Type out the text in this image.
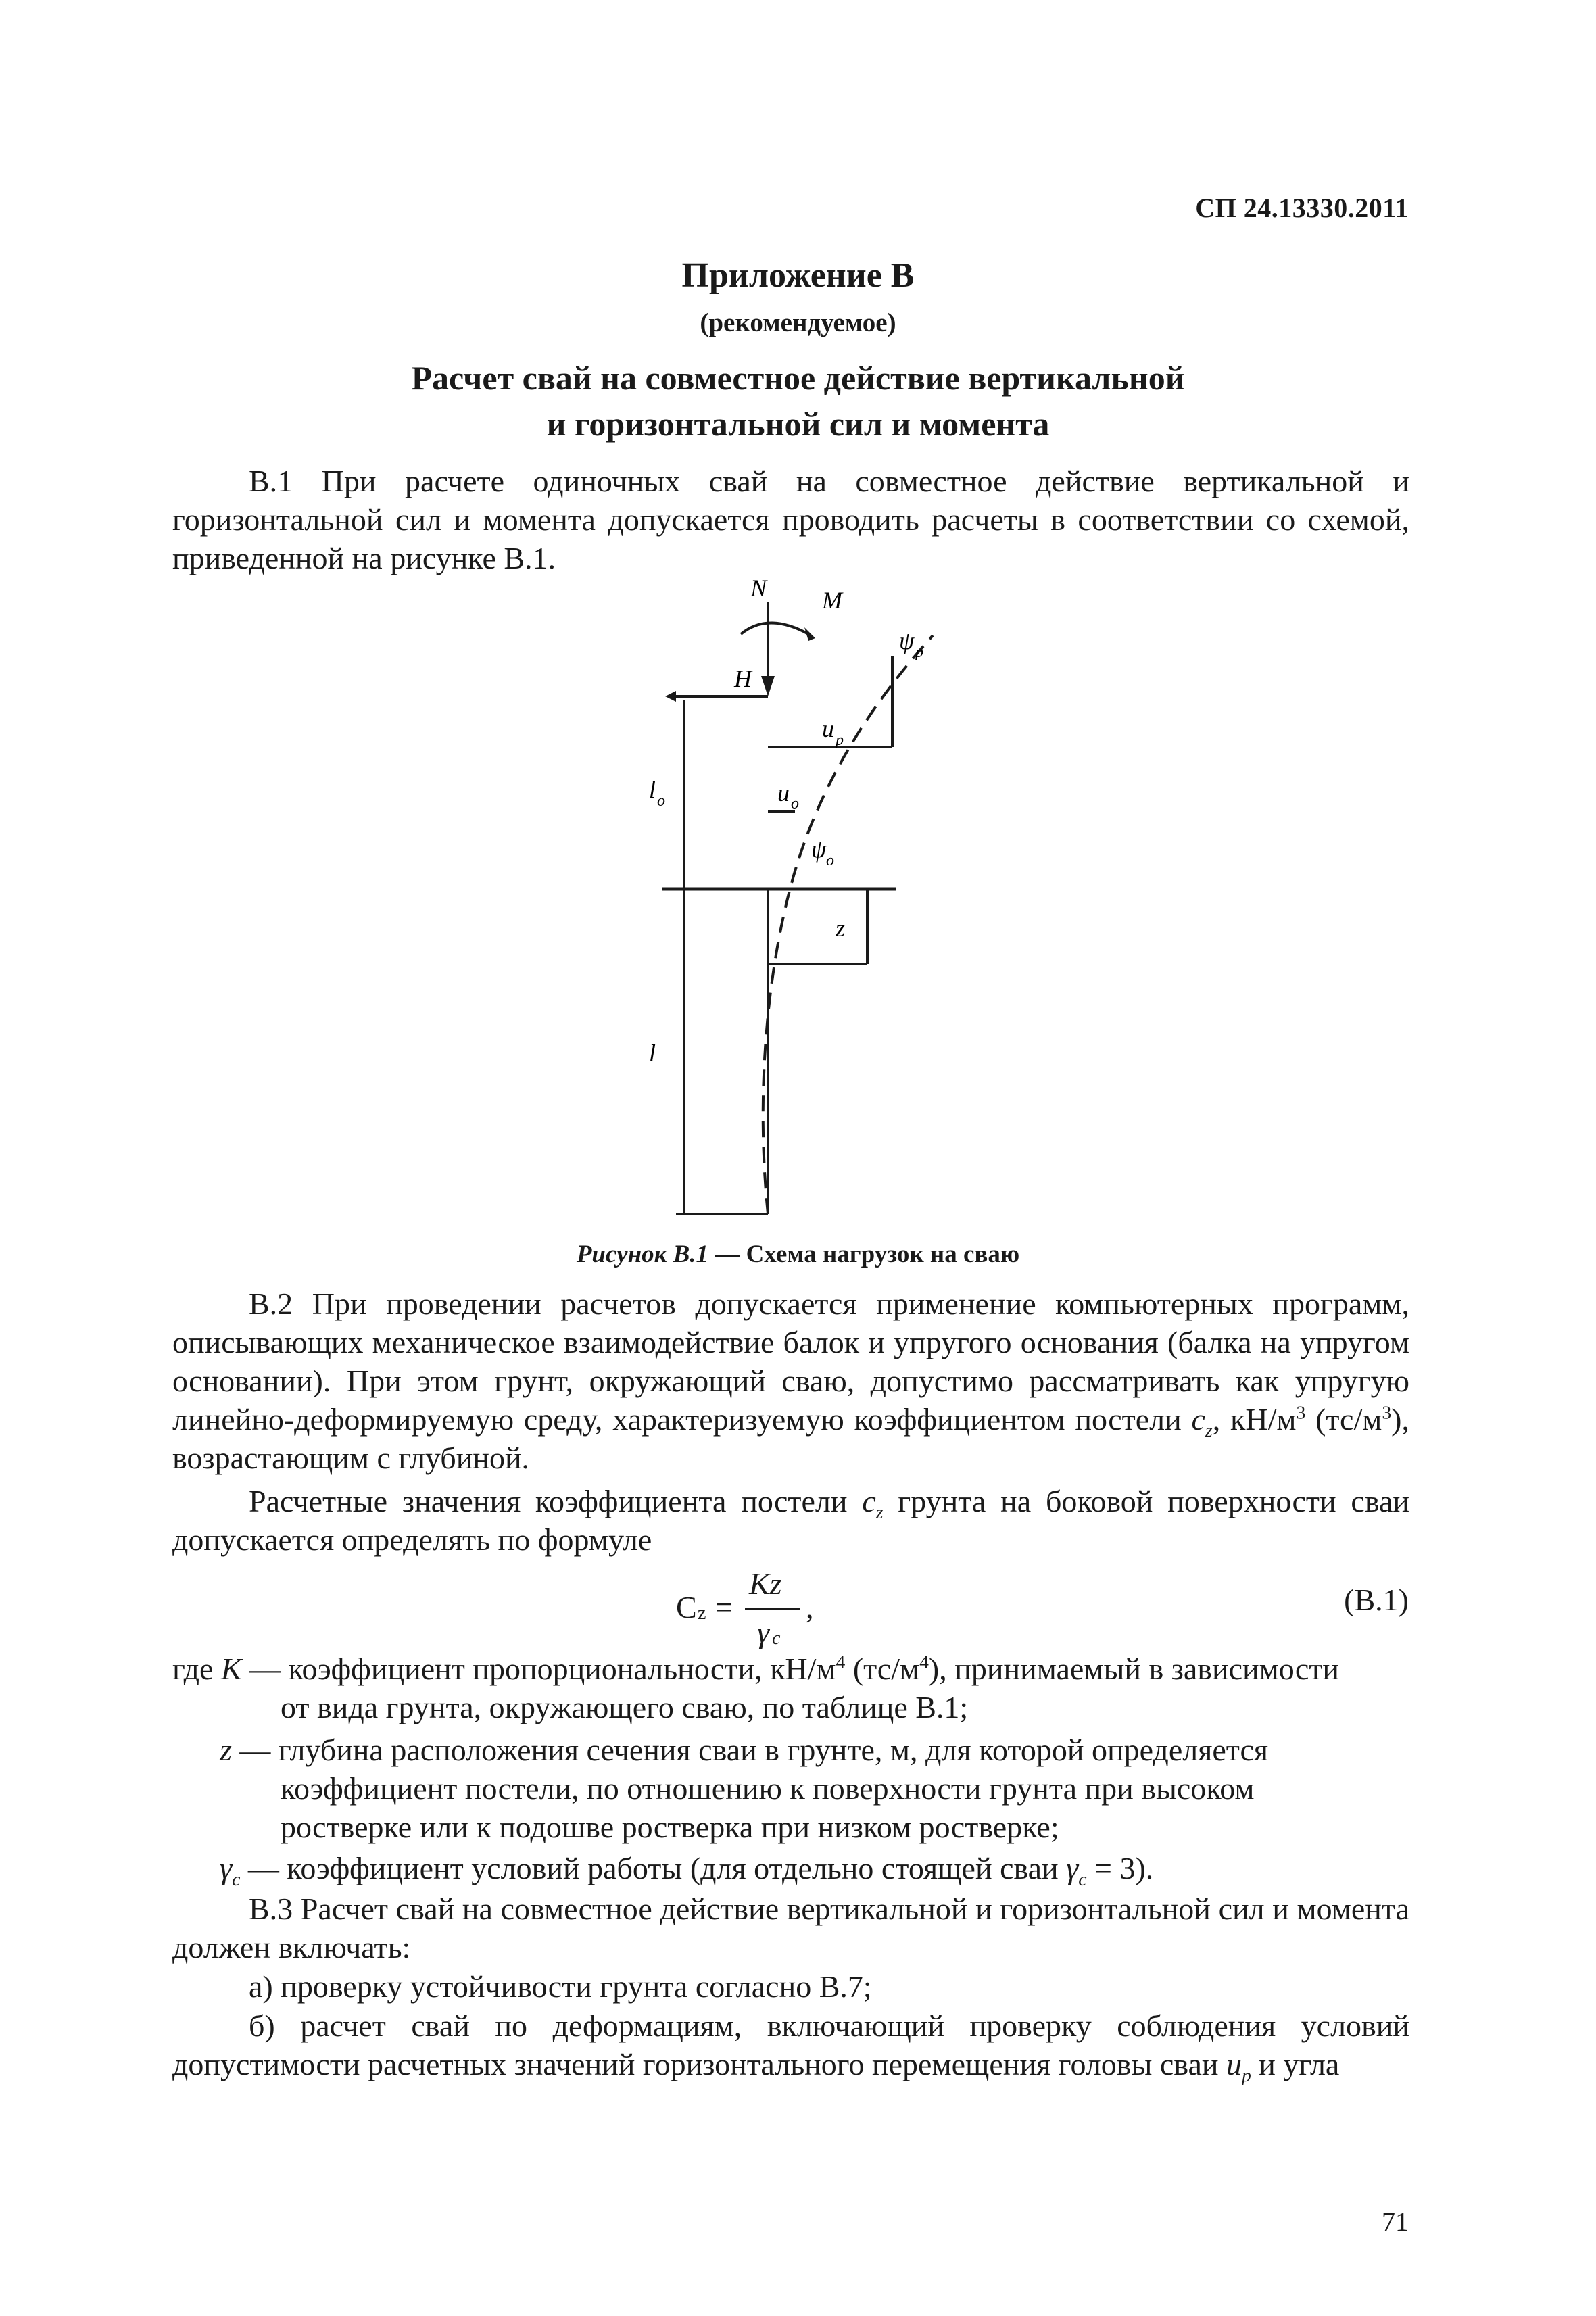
СП 24.13330.2011
Приложение В
(рекомендуемое)
Расчет свай на совместное действие вертикальной
и горизонтальной сил и момента

В.1 При расчете одиночных свай на совместное действие вертикальной и горизонтальной сил и момента допускается проводить расчеты в соответствии со схемой, приведенной на рисунке В.1.

N M
H
ψ p
u p
u o
ψ o
l o
z
l
Рисунок В.1 — Схема нагрузок на сваю

В.2 При проведении расчетов допускается применение компьютерных программ, описывающих механическое взаимодействие балок и упругого основания (балка на упругом основании). При этом грунт, окружающий сваю, допустимо рассматривать как упругую линейно-деформируемую среду, характеризуемую коэффициентом постели $c_z$, $кН/м^3$ $(тс/м^3)$, возрастающим с глубиной.

Расчетные значения коэффициента постели $c_z$ грунта на боковой поверхности сваи допускается определять по формуле

C z =
Kz
γ c
,	(В.1)
где К — коэффициент пропорциональности, $кН/м^4$ $(тс/м^4)$, принимаемый в зависимости
от вида грунта, окружающего сваю, по таблице В.1;
z — глубина расположения сечения сваи в грунте, м, для которой определяется
коэффициент постели, по отношению к поверхности грунта при высоком
ростверке или к подошве ростверка при низком ростверке;
$\gamma_c$ — коэффициент условий работы (для отдельно стоящей сваи $\gamma_c = 3$).

В.3 Расчет свай на совместное действие вертикальной и горизонтальной сил и момента должен включать:

а) проверку устойчивости грунта согласно В.7;

б) расчет свай по деформациям, включающий проверку соблюдения условий допустимости расчетных значений горизонтального перемещения головы сваи $u_p$ и угла

71
